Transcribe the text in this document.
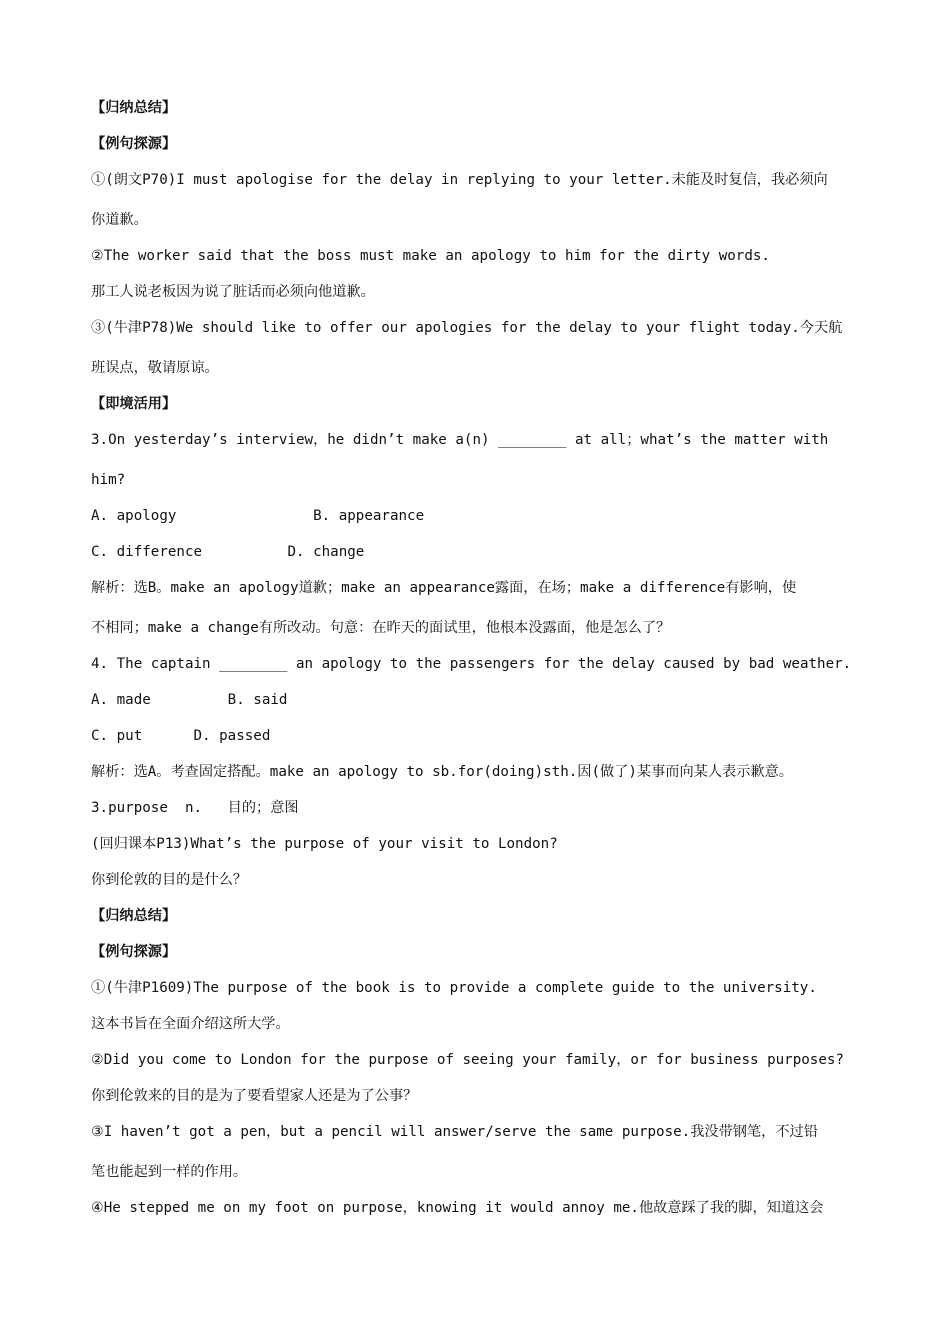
【归纳总结】

【例句探源】

①(朗文P70)I must apologise for the delay in replying to your letter.未能及时复信，我必须向

你道歉。

②The worker said that the boss must make an apology to him for the dirty words.

那工人说老板因为说了脏话而必须向他道歉。

③(牛津P78)We should like to offer our apologies for the delay to your flight today.今天航

班误点，敬请原谅。

【即境活用】

3.On yesterday’s interview，he didn’t make a(n) ________ at all；what’s the matter with

him?

A. apology                B. appearance

C. difference          D. change

解析：选B。make an apology道歉；make an appearance露面，在场；make a difference有影响，使

不相同；make a change有所改动。句意：在昨天的面试里，他根本没露面，他是怎么了？

4. The captain ________ an apology to the passengers for the delay caused by bad weather.

A. made         B. said

C. put      D. passed

解析：选A。考查固定搭配。make an apology to sb.for(doing)sth.因(做了)某事而向某人表示歉意。

3.purpose  n.   目的；意图

(回归课本P13)What’s the purpose of your visit to London?

你到伦敦的目的是什么？

【归纳总结】

【例句探源】

①(牛津P1609)The purpose of the book is to provide a complete guide to the university.

这本书旨在全面介绍这所大学。

②Did you come to London for the purpose of seeing your family，or for business purposes?

你到伦敦来的目的是为了要看望家人还是为了公事？

③I haven’t got a pen，but a pencil will answer/serve the same purpose.我没带钢笔，不过铅

笔也能起到一样的作用。

④He stepped me on my foot on purpose，knowing it would annoy me.他故意踩了我的脚，知道这会
